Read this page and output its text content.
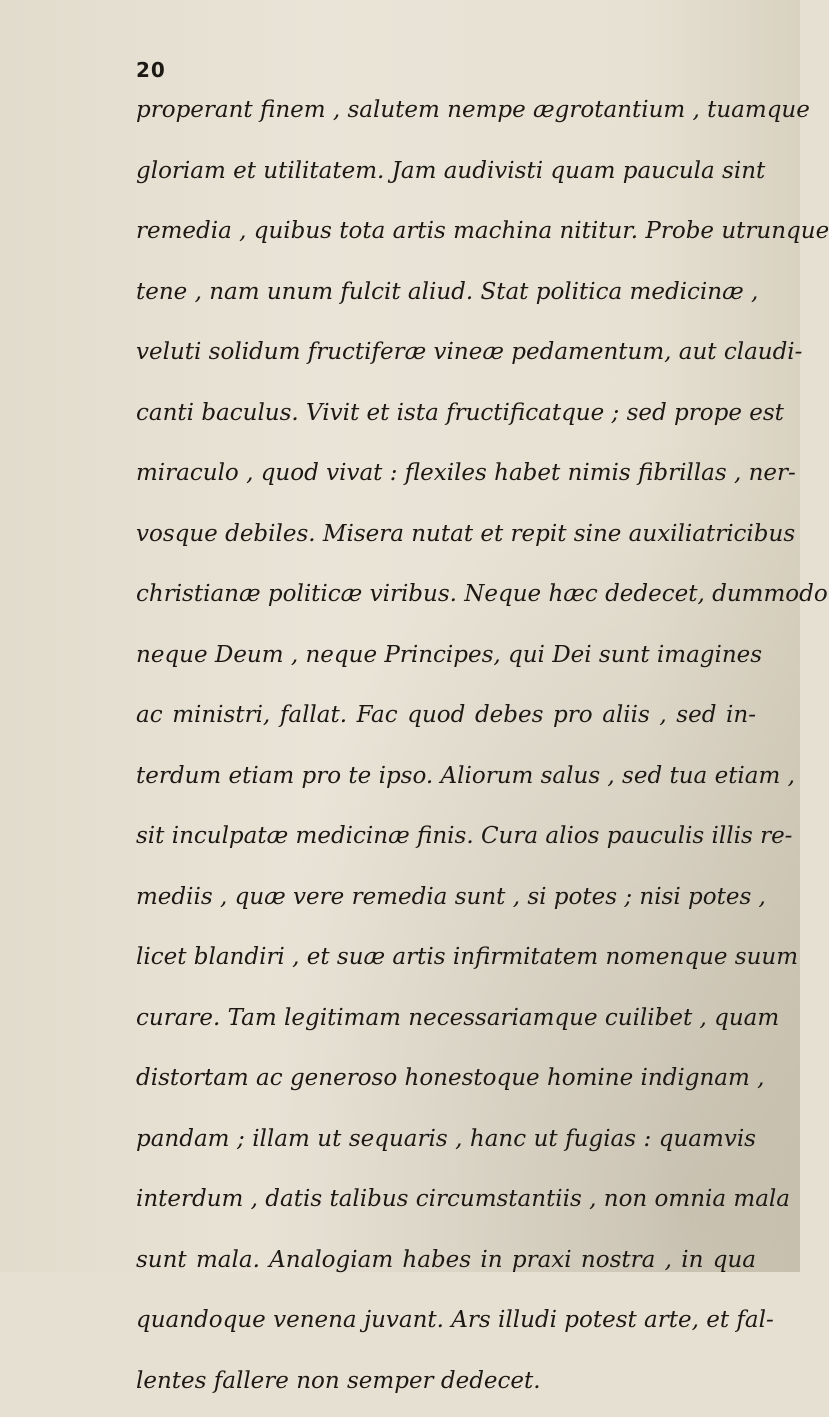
20
properant finem , salutem nempe ægrotantium , tuamque
gloriam et utilitatem. Jam audivisti quam paucula sint
remedia , quibus tota artis machina nititur. Probe utrunque
tene , nam unum fulcit aliud. Stat politica medicinæ ,
veluti solidum fructiferæ vineæ pedamentum, aut claudi-
canti baculus. Vivit et ista fructificatque ; sed prope est
miraculo , quod vivat : flexiles habet nimis fibrillas , ner-
vosque debiles. Misera nutat et repit sine auxiliatricibus
christianæ politicæ viribus. Neque hæc dedecet, dummodo
neque Deum , neque Principes, qui Dei sunt imagines
ac ministri, fallat. Fac quod debes pro aliis , sed in-
terdum etiam pro te ipso. Aliorum salus , sed tua etiam ,
sit inculpatæ medicinæ finis. Cura alios pauculis illis re-
mediis , quæ vere remedia sunt , si potes ; nisi potes ,
licet blandiri , et suæ artis infirmitatem nomenque suum
curare. Tam legitimam necessariamque cuilibet , quam
distortam ac generoso honestoque homine indignam ,
pandam ; illam ut sequaris , hanc ut fugias : quamvis
interdum , datis talibus circumstantiis , non omnia mala
sunt mala. Analogiam habes in praxi nostra , in qua
quandoque venena juvant. Ars illudi potest arte, et fal-
lentes fallere non semper dedecet.
